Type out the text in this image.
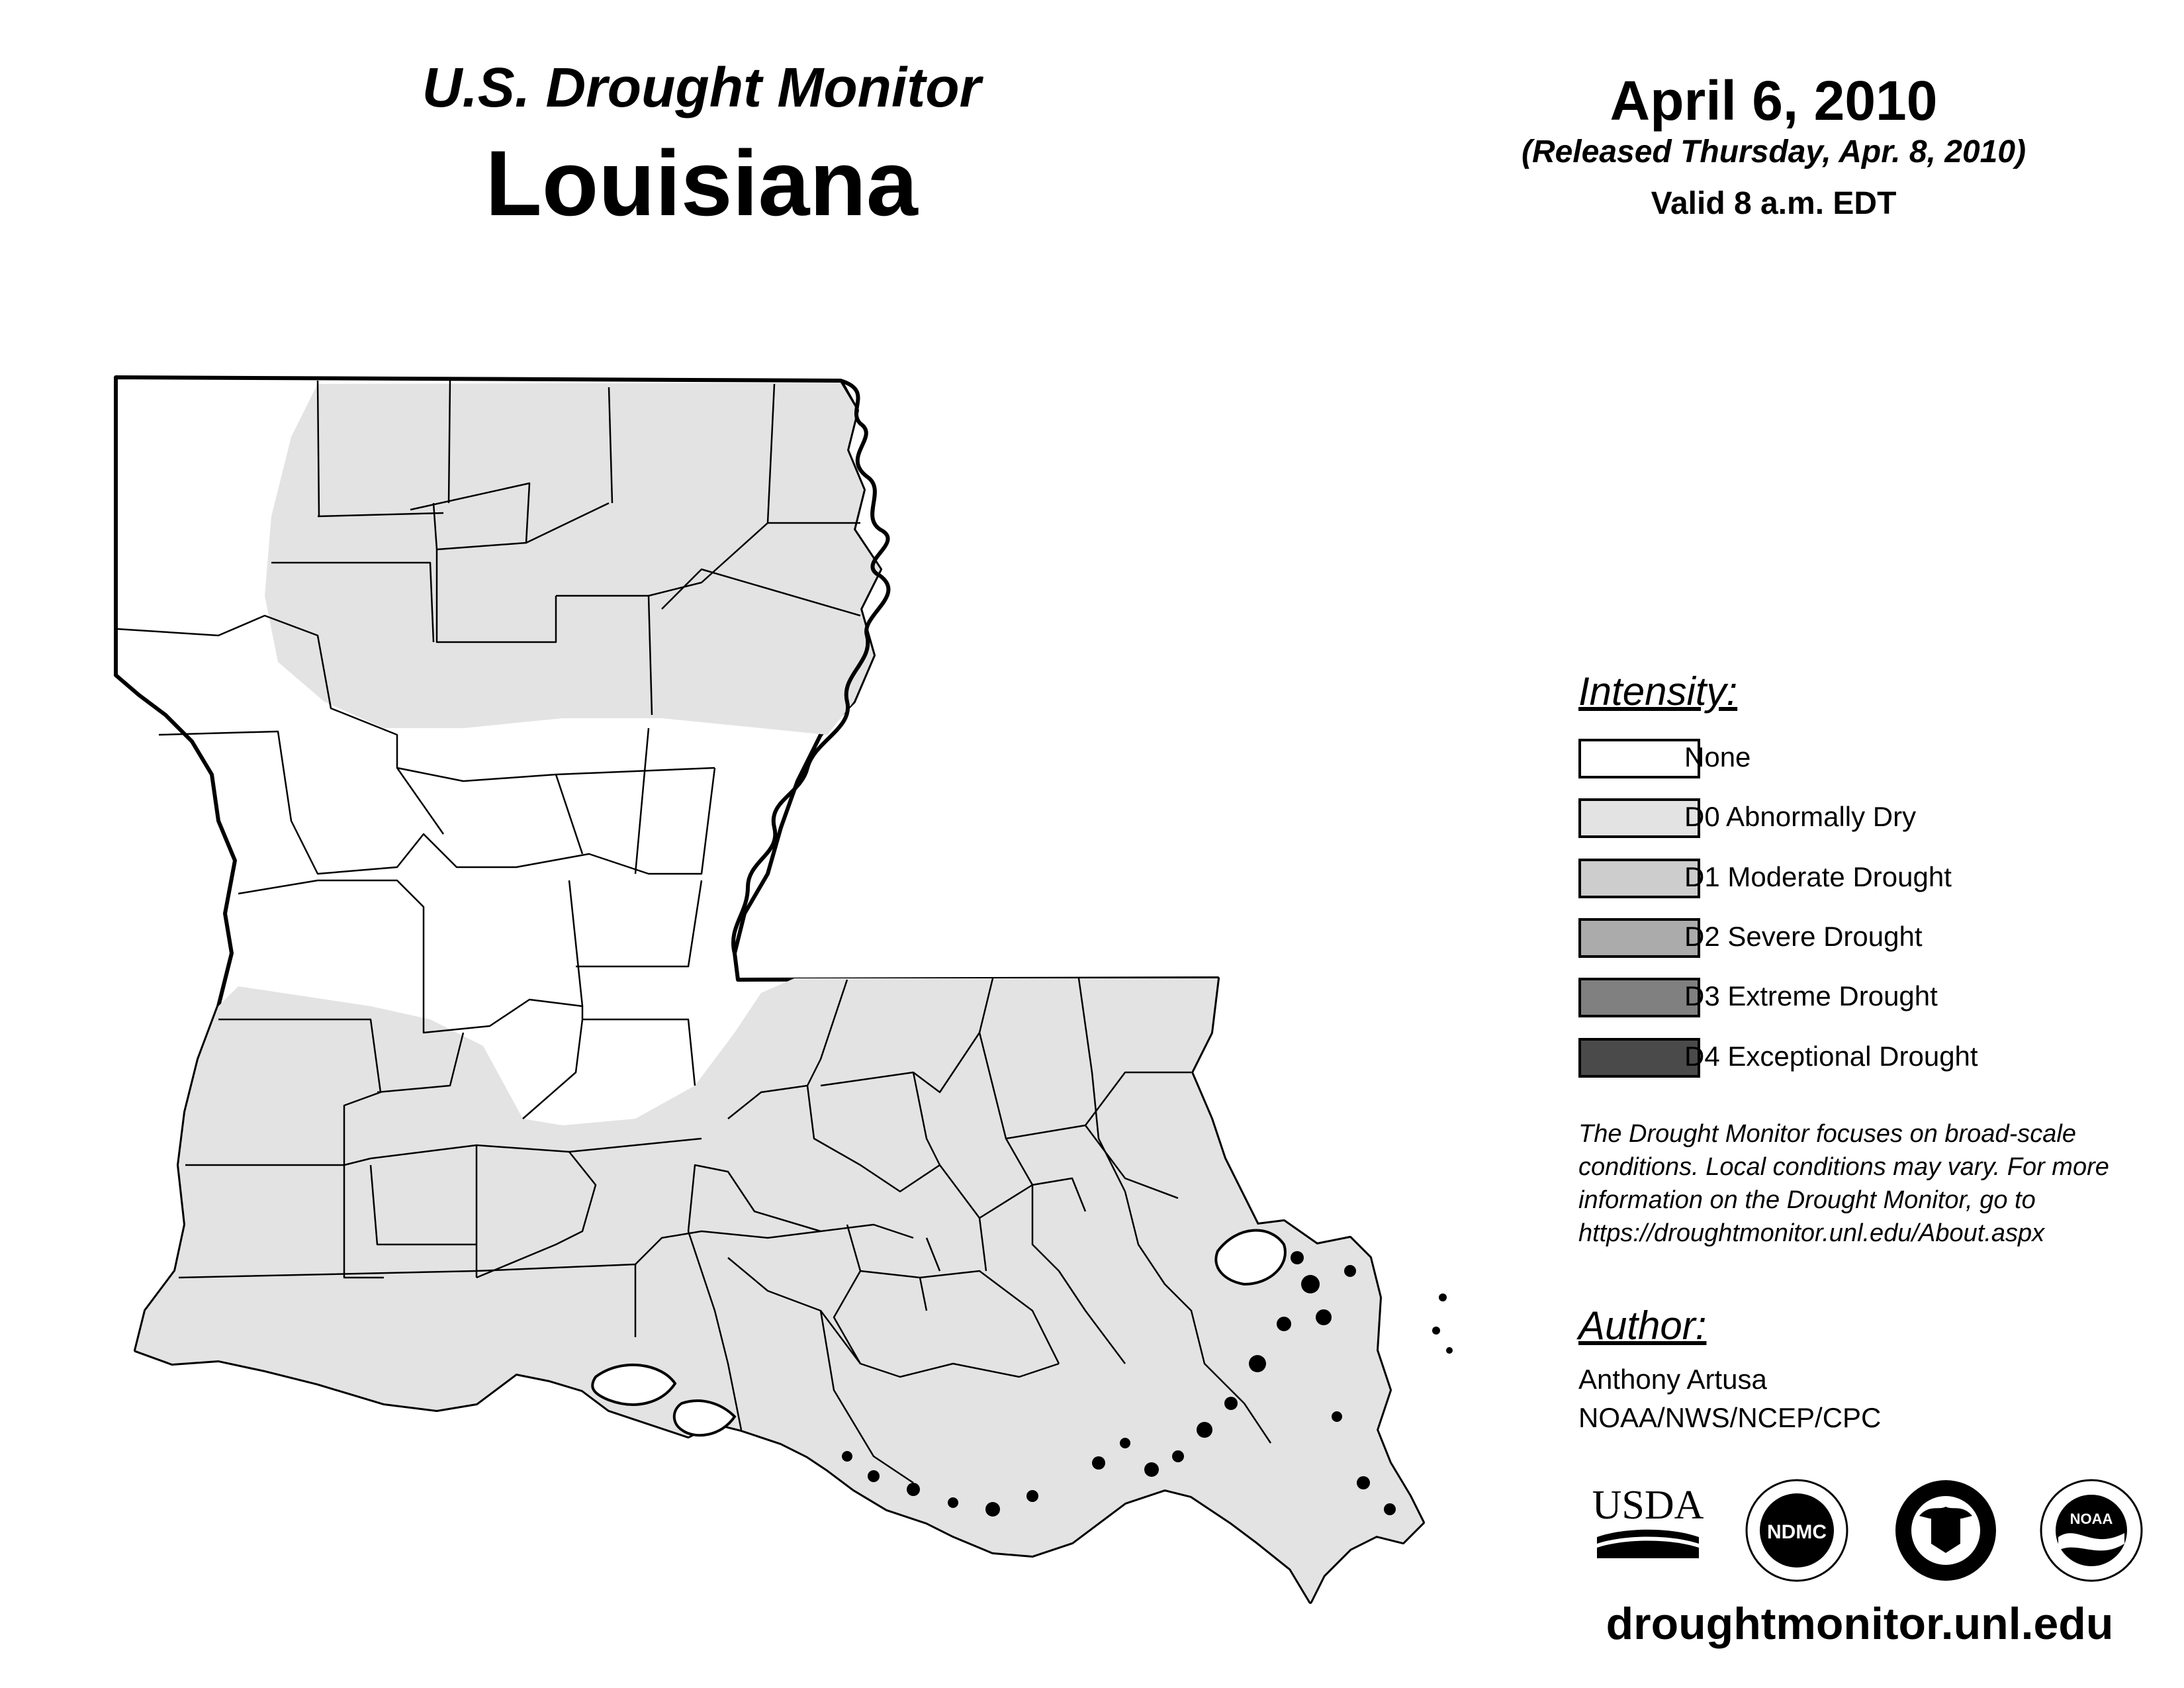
U.S. Drought Monitor
Louisiana
April 6, 2010
(Released Thursday, Apr. 8, 2010)
Valid 8 a.m. EDT
Intensity:
None
D0 Abnormally Dry
D1 Moderate Drought
D2 Severe Drought
D3 Extreme Drought
D4 Exceptional Drought
The Drought Monitor focuses on broad-scale conditions. Local conditions may vary. For more information on the Drought Monitor, go to https://droughtmonitor.unl.edu/About.aspx
Author:
Anthony Artusa
NOAA/NWS/NCEP/CPC
USDA
NDMC
NOAA
droughtmonitor.unl.edu
